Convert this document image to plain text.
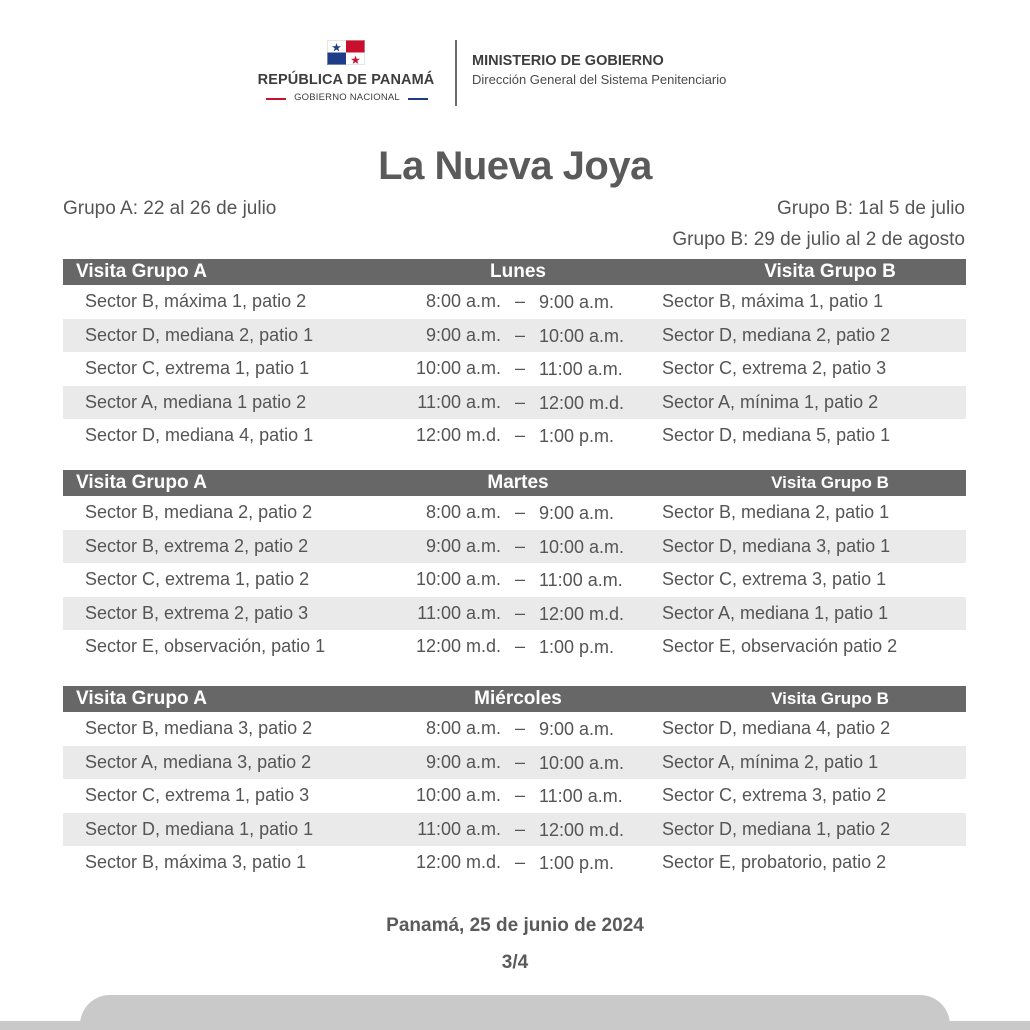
REPÚBLICA DE PANAMÁ
GOBIERNO NACIONAL
MINISTERIO DE GOBIERNO
Dirección General del Sistema Penitenciario
La Nueva Joya
Grupo A: 22 al 26 de julio	Grupo B: 1al 5 de julio
Grupo B: 29 de julio al 2 de agosto
Lunes
Visita Grupo A	Visita Grupo B
Sector B, máxima 1, patio 2	8:00 a.m. – 9:00 a.m.	Sector B, máxima 1, patio 1
Sector D, mediana 2, patio 1	9:00 a.m. – 10:00 a.m. Sector D, mediana 2, patio 2
Sector C, extrema 1, patio 1	10:00 a.m. – 11:00 a.m. Sector C, extrema 2, patio 3
Sector A, mediana 1 patio 2	11:00 a.m. – 12:00 m.d. Sector A, mínima 1, patio 2
Sector D, mediana 4, patio 1	12:00 m.d. – 1:00 p.m.	Sector D, mediana 5, patio 1
Martes
Visita Grupo A	Visita Grupo B
Sector B, mediana 2, patio 2	8:00 a.m. – 9:00 a.m.	Sector B, mediana 2, patio 1
Sector B, extrema 2, patio 2	9:00 a.m. – 10:00 a.m. Sector D, mediana 3, patio 1
Sector C, extrema 1, patio 2	10:00 a.m. – 11:00 a.m. Sector C, extrema 3, patio 1
Sector B, extrema 2, patio 3	11:00 a.m. – 12:00 m.d. Sector A, mediana 1, patio 1
Sector E, observación, patio 1	12:00 m.d. – 1:00 p.m.	Sector E, observación patio 2
Miércoles
Visita Grupo A	Visita Grupo B
Sector B, mediana 3, patio 2	8:00 a.m. – 9:00 a.m.	Sector D, mediana 4, patio 2
Sector A, mediana 3, patio 2	9:00 a.m. – 10:00 a.m. Sector A, mínima 2, patio 1
Sector C, extrema 1, patio 3	10:00 a.m. – 11:00 a.m. Sector C, extrema 3, patio 2
Sector D, mediana 1, patio 1	11:00 a.m. – 12:00 m.d. Sector D, mediana 1, patio 2
Sector B, máxima 3, patio 1	12:00 m.d. – 1:00 p.m.	Sector E, probatorio, patio 2
Panamá, 25 de junio de 2024
3/4
